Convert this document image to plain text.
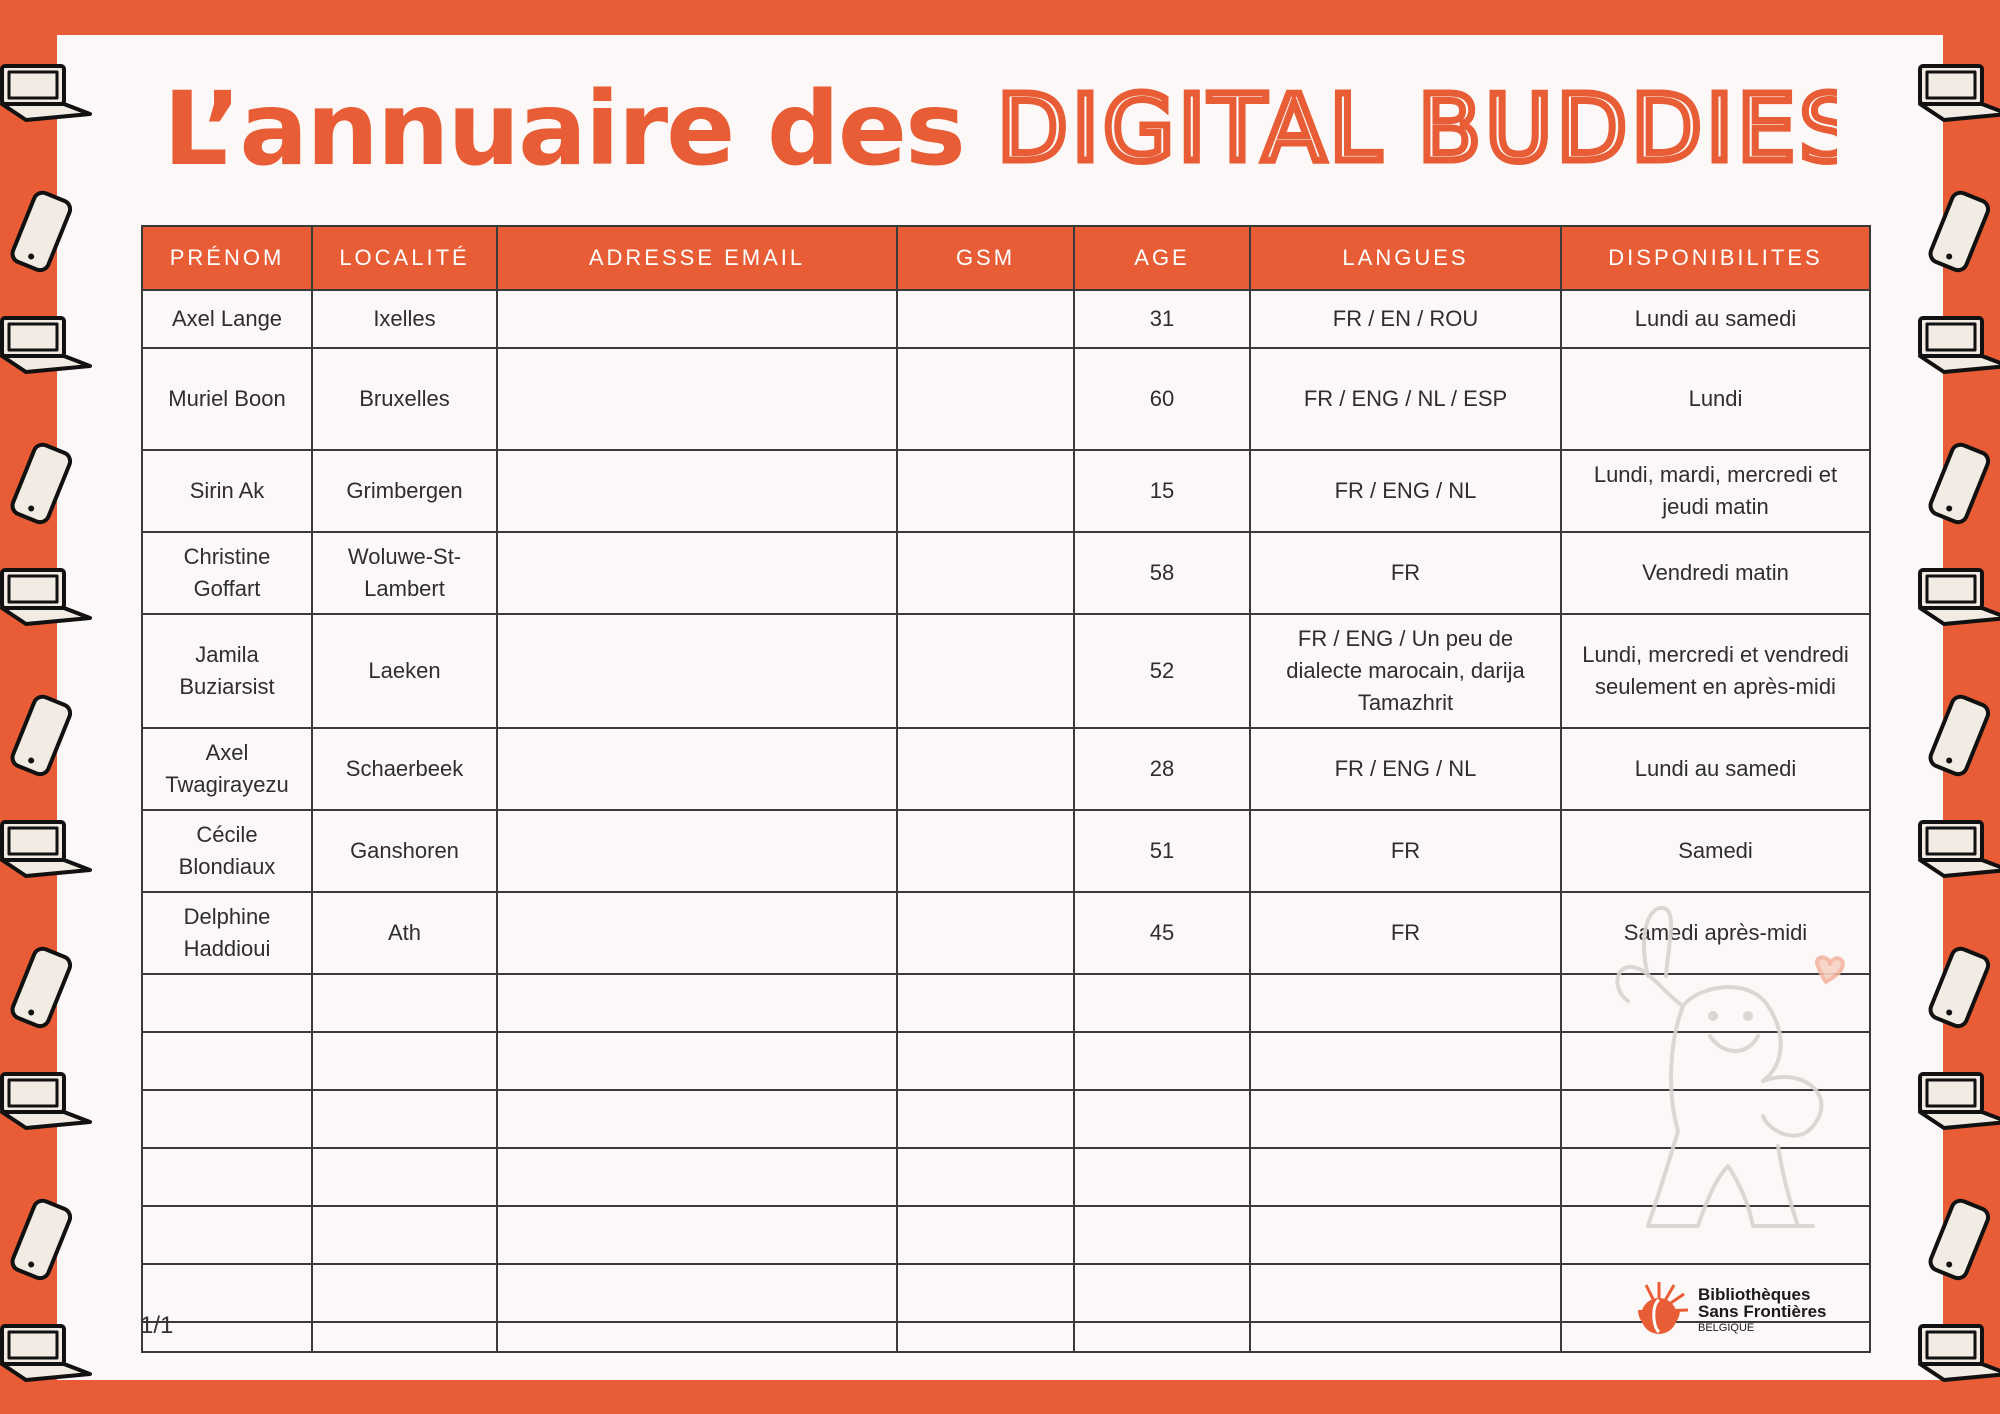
L’annuaire des DIGITAL BUDDIES
PRÉNOM	LOCALITÉ	ADRESSE EMAIL	GSM	AGE	LANGUES	DISPONIBILITES
Axel Lange	Ixelles			31	FR / EN / ROU	Lundi au samedi
Muriel Boon	Bruxelles			60	FR / ENG / NL / ESP	Lundi
Sirin Ak	Grimbergen			15	FR / ENG / NL	Lundi, mardi, mercredi et jeudi matin
Christine Goffart	Woluwe-St-Lambert			58	FR	Vendredi matin
Jamila Buziarsist	Laeken			52	FR / ENG / Un peu de dialecte marocain, darija Tamazhrit	Lundi, mercredi et vendredi seulement en après-midi
Axel Twagirayezu	Schaerbeek			28	FR / ENG / NL	Lundi au samedi
Cécile Blondiaux	Ganshoren			51	FR	Samedi
Delphine Haddioui	Ath			45	FR	Samedi après-midi

1/1
Bibliothèques
Sans Frontières
BELGIQUE
